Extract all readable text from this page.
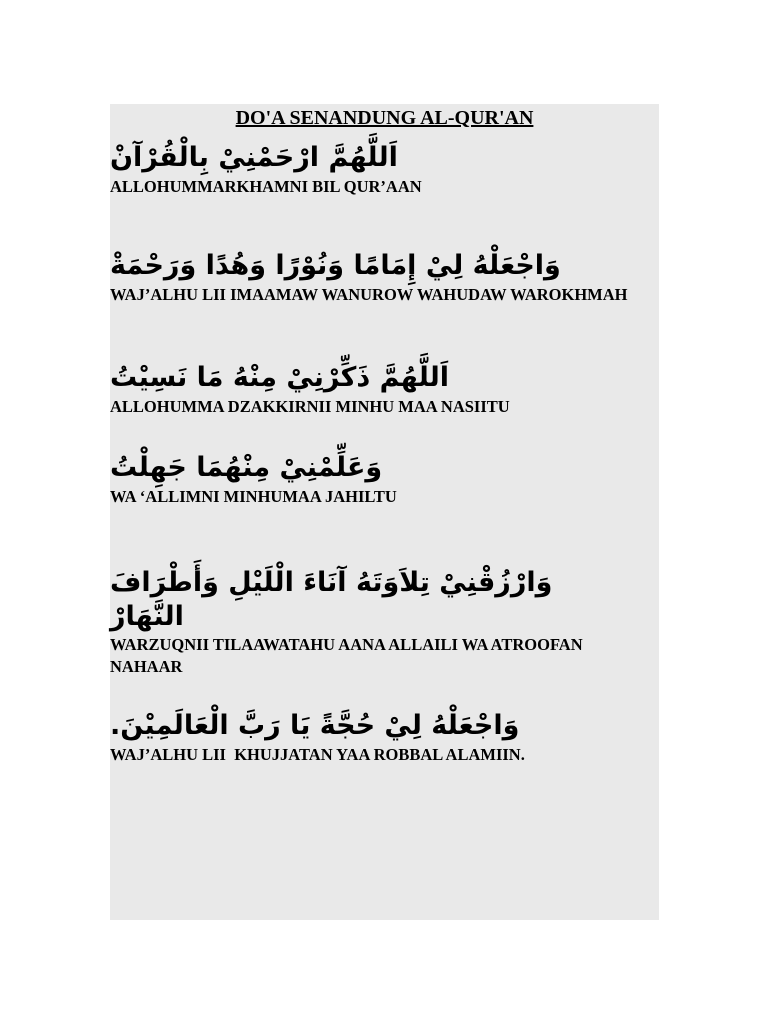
DO'A SENANDUNG AL-QUR'AN
اَللَّهُمَّ ارْحَمْنِيْ بِالْقُرْآنْ
ALLOHUMMARKHAMNI BIL QUR’AAN
وَاجْعَلْهُ لِيْ إِمَامًا وَنُوْرًا وَهُدًا وَرَحْمَةْ
WAJ’ALHU LII IMAAMAW WANUROW WAHUDAW WAROKHMAH
اَللَّهُمَّ ذَكِّرْنِيْ مِنْهُ مَا نَسِيْتُ
ALLOHUMMA DZAKKIRNII MINHU MAA NASIITU
وَعَلِّمْنِيْ مِنْهُمَا جَهِلْتُ
WA ‘ALLIMNI MINHUMAA JAHILTU
وَارْزُقْنِيْ تِلاَوَتَهُ آنَاءَ الْلَيْلِ وَأَطْرَافَ النَّهَارْ
WARZUQNII TILAAWATAHU AANA ALLAILI WA ATROOFAN NAHAAR
وَاجْعَلْهُ لِيْ حُجَّةً يَا رَبَّ الْعَالَمِيْنَ.
WAJ’ALHU LII  KHUJJATAN YAA ROBBAL ALAMIIN.
